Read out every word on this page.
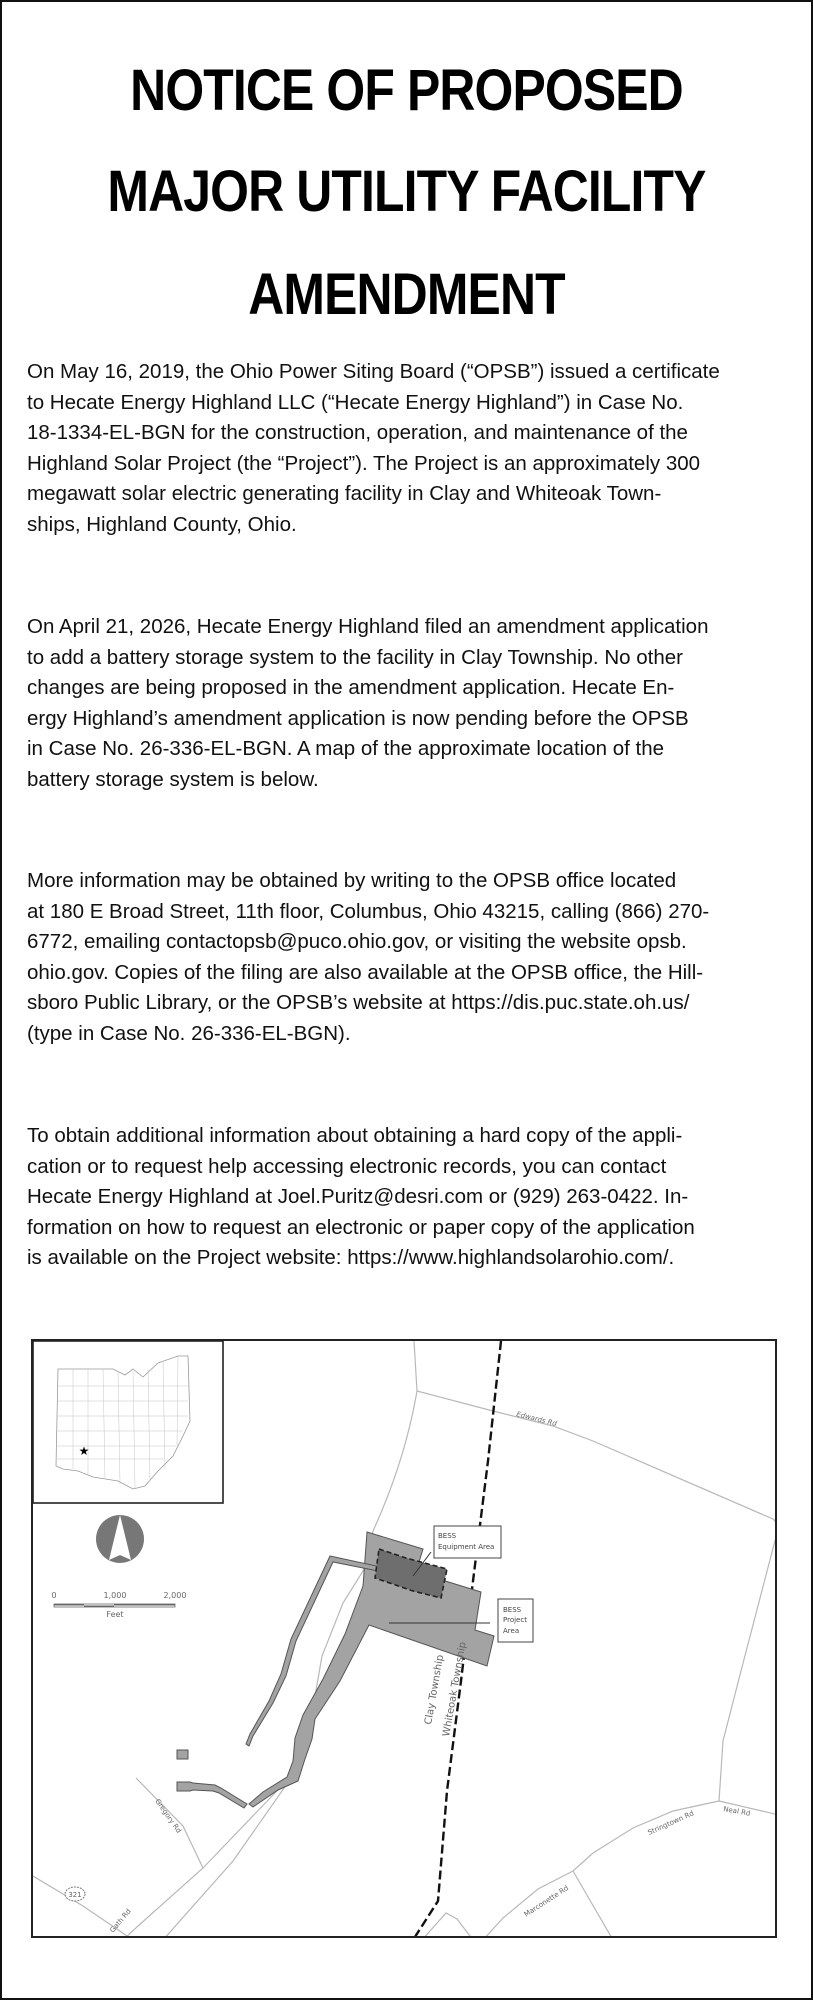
NOTICE OF PROPOSED
MAJOR UTILITY FACILITY
AMENDMENT
On May 16, 2019, the Ohio Power Siting Board (“OPSB”) issued a certificate
to Hecate Energy Highland LLC (“Hecate Energy Highland”) in Case No.
18-1334-EL-BGN for the construction, operation, and maintenance of the
Highland Solar Project (the “Project”). The Project is an approximately 300
megawatt solar electric generating facility in Clay and Whiteoak Town-
ships, Highland County, Ohio.
On April 21, 2026, Hecate Energy Highland filed an amendment application
to add a battery storage system to the facility in Clay Township. No other
changes are being proposed in the amendment application. Hecate En-
ergy Highland’s amendment application is now pending before the OPSB
in Case No. 26-336-EL-BGN. A map of the approximate location of the
battery storage system is below.
More information may be obtained by writing to the OPSB office located
at 180 E Broad Street, 11th floor, Columbus, Ohio 43215, calling (866) 270-
6772, emailing contactopsb@puco.ohio.gov, or visiting the website opsb.
ohio.gov. Copies of the filing are also available at the OPSB office, the Hill-
sboro Public Library, or the OPSB’s website at https://dis.puc.state.oh.us/
(type in Case No. 26-336-EL-BGN).
To obtain additional information about obtaining a hard copy of the appli-
cation or to request help accessing electronic records, you can contact
Hecate Energy Highland at Joel.Puritz@desri.com or (929) 263-0422. In-
formation on how to request an electronic or paper copy of the application
is available on the Project website: https://www.highlandsolarohio.com/.
BESS
Equipment Area
BESS
Project
Area
Clay Township
Whiteoak Township
Edwards Rd
Gregory Rd
Gath Rd
Stringtown Rd	Neal Rd
Marconette Rd
321
★
0	1,000	2,000
Feet
